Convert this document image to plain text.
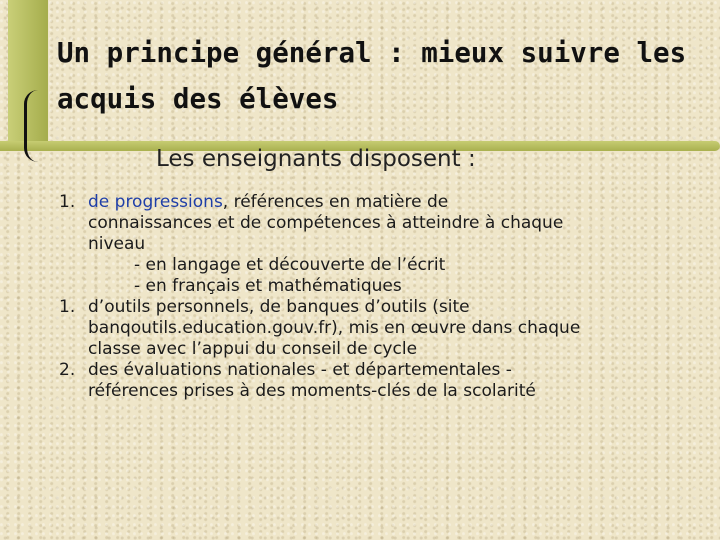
Un principe général : mieux suivre les
acquis des élèves
Les enseignants disposent :
1. de progressions, références en matière de
connaissances et de compétences à atteindre à chaque
niveau
- en langage et découverte de l’écrit
- en français et mathématiques
1. d’outils personnels, de banques d’outils (site
banqoutils.education.gouv.fr), mis en œuvre dans chaque
classe avec l’appui du conseil de cycle
2. des évaluations nationales - et départementales -
références prises à des moments-clés de la scolarité
